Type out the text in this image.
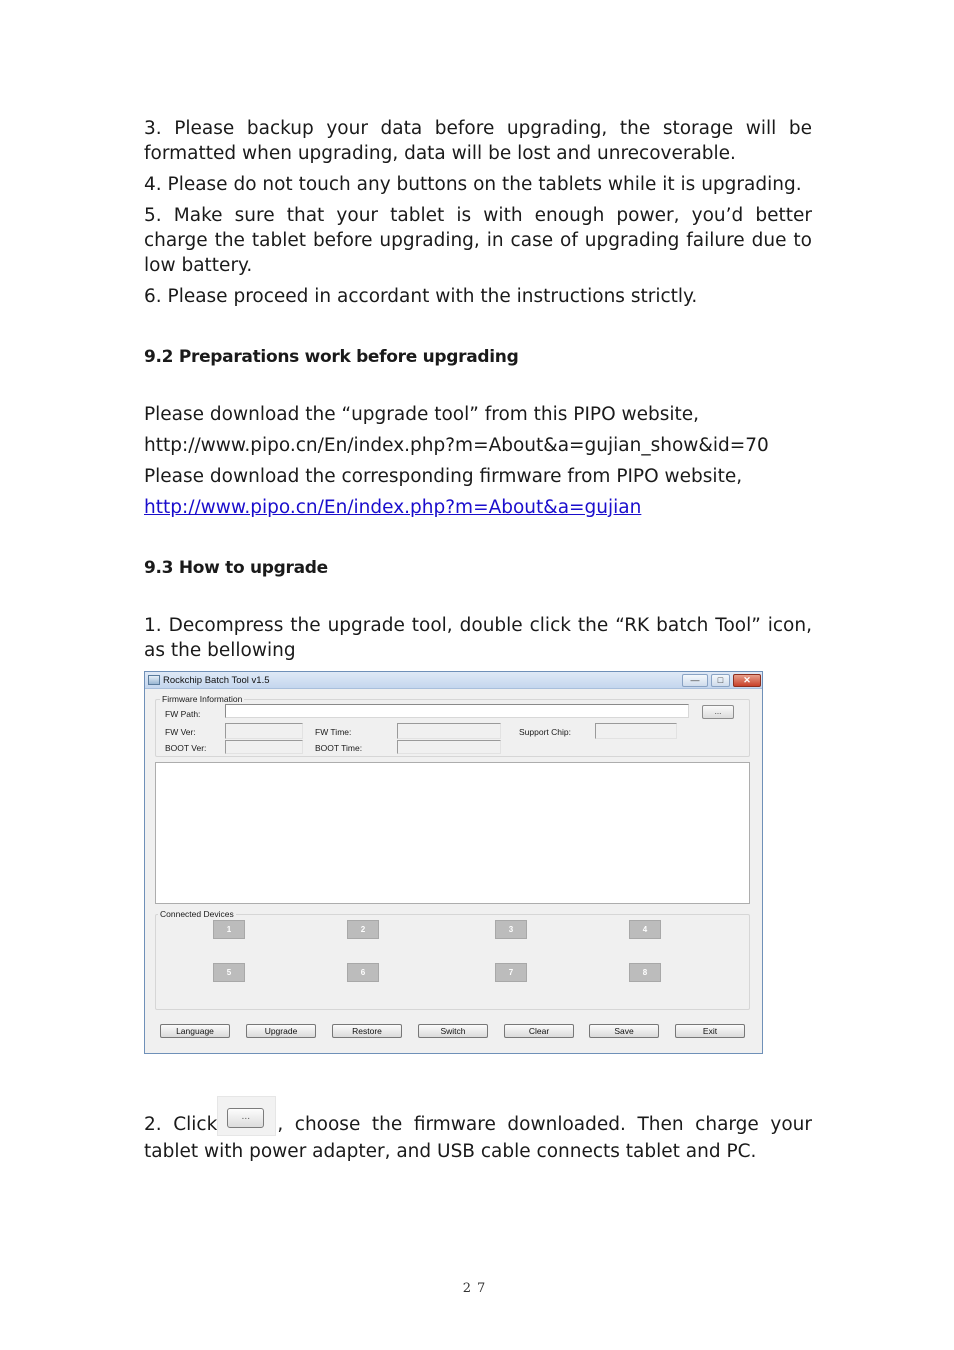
3. Please backup your data before upgrading, the storage will be formatted when upgrading, data will be lost and unrecoverable.

4. Please do not touch any buttons on the tablets while it is upgrading.

5. Make sure that your tablet is with enough power, you’d better charge the tablet before upgrading, in case of upgrading failure due to low battery.

6. Please proceed in accordant with the instructions strictly.

9.2 Preparations work before upgrading

Please download the “upgrade tool” from this PIPO website,

http://www.pipo.cn/En/index.php?m=About&a=gujian_show&id=70

Please download the corresponding firmware from PIPO website,

http://www.pipo.cn/En/index.php?m=About&a=gujian

9.3 How to upgrade

1. Decompress the upgrade tool, double click the “RK batch Tool” icon, as the bellowing

Rockchip Batch Tool v1.5	—	□	✕
Firmware Information
FW Path:	...
FW Ver:	FW Time:	Support Chip:
BOOT Ver:	BOOT Time:
Connected Devices
1	2	3	4
5	6	7	8
Language	Upgrade	Restore	Switch	Clear	Save	Exit

2. Click	...	, choose the firmware downloaded. Then charge your tablet with power adapter, and USB cable connects tablet and PC.

27
